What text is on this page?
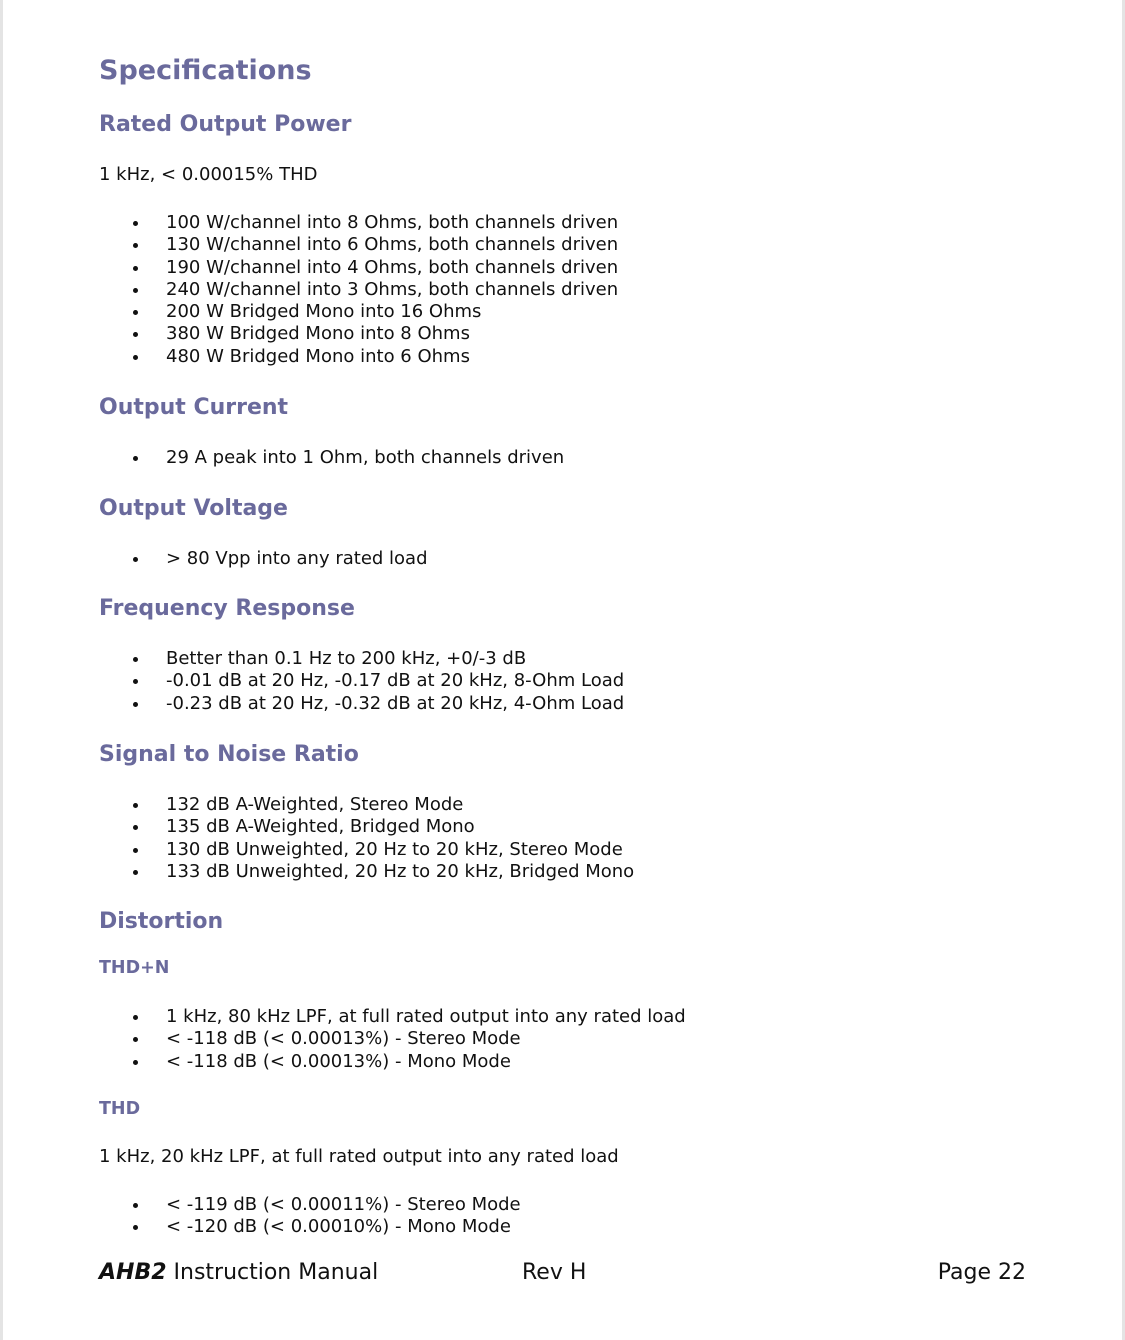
Specifications
Rated Output Power

1 kHz, < 0.00015% THD

100 W/channel into 8 Ohms, both channels driven
130 W/channel into 6 Ohms, both channels driven
190 W/channel into 4 Ohms, both channels driven
240 W/channel into 3 Ohms, both channels driven
200 W Bridged Mono into 16 Ohms
380 W Bridged Mono into 8 Ohms
480 W Bridged Mono into 6 Ohms
Output Current
29 A peak into 1 Ohm, both channels driven
Output Voltage
> 80 Vpp into any rated load
Frequency Response
Better than 0.1 Hz to 200 kHz, +0/-3 dB
-0.01 dB at 20 Hz, -0.17 dB at 20 kHz, 8-Ohm Load
-0.23 dB at 20 Hz, -0.32 dB at 20 kHz, 4-Ohm Load
Signal to Noise Ratio
132 dB A-Weighted, Stereo Mode
135 dB A-Weighted, Bridged Mono
130 dB Unweighted, 20 Hz to 20 kHz, Stereo Mode
133 dB Unweighted, 20 Hz to 20 kHz, Bridged Mono
Distortion
THD+N
1 kHz, 80 kHz LPF, at full rated output into any rated load
< -118 dB (< 0.00013%) - Stereo Mode
< -118 dB (< 0.00013%) - Mono Mode
THD

1 kHz, 20 kHz LPF, at full rated output into any rated load

< -119 dB (< 0.00011%) - Stereo Mode
< -120 dB (< 0.00010%) - Mono Mode
AHB2 Instruction Manual	Rev H	Page 22
